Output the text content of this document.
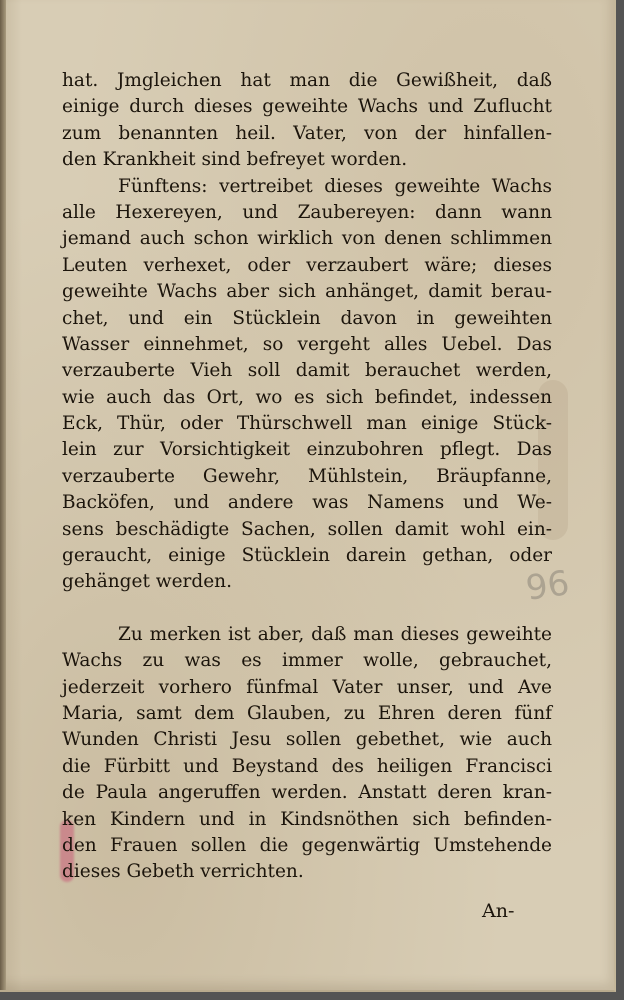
hat. Jmgleichen hat man die Gewißheit, daß
einige durch dieses geweihte Wachs und Zuflucht
zum benannten heil. Vater, von der hinfallen-
den Krankheit sind befreyet worden.
Fünftens: vertreibet dieses geweihte Wachs
alle Hexereyen, und Zaubereyen: dann wann
jemand auch schon wirklich von denen schlimmen
Leuten verhexet, oder verzaubert wäre; dieses
geweihte Wachs aber sich anhänget, damit berau-
chet, und ein Stücklein davon in geweihten
Wasser einnehmet, so vergeht alles Uebel. Das
verzauberte Vieh soll damit berauchet werden,
wie auch das Ort, wo es sich befindet, indessen
Eck, Thür, oder Thürschwell man einige Stück-
lein zur Vorsichtigkeit einzubohren pflegt. Das
verzauberte Gewehr, Mühlstein, Bräupfanne,
Backöfen, und andere was Namens und We-
sens beschädigte Sachen, sollen damit wohl ein-
geraucht, einige Stücklein darein gethan, oder
gehänget werden.
Zu merken ist aber, daß man dieses geweihte
Wachs zu was es immer wolle, gebrauchet,
jederzeit vorhero fünfmal Vater unser, und Ave
Maria, samt dem Glauben, zu Ehren deren fünf
Wunden Christi Jesu sollen gebethet, wie auch
die Fürbitt und Beystand des heiligen Francisci
de Paula angeruffen werden. Anstatt deren kran-
ken Kindern und in Kindsnöthen sich befinden-
den Frauen sollen die gegenwärtig Umstehende
dieses Gebeth verrichten.
96
An-
